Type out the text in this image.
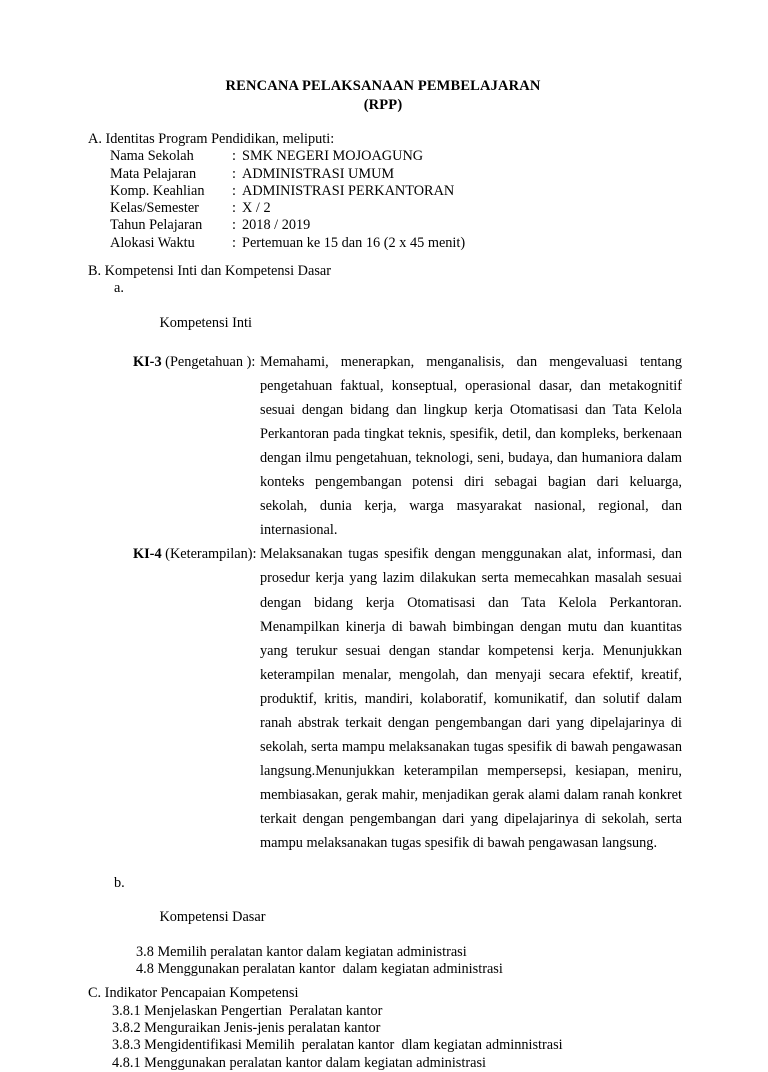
RENCANA PELAKSANAAN PEMBELAJARAN
(RPP)
A. Identitas Program Pendidikan, meliputi:
Nama Sekolah	:	SMK NEGERI MOJOAGUNG
Mata Pelajaran	:	ADMINISTRASI UMUM
Komp. Keahlian	:	ADMINISTRASI PERKANTORAN
Kelas/Semester	:	X / 2
Tahun Pelajaran	:	2018 / 2019
Alokasi Waktu	:	Pertemuan ke 15 dan 16 (2 x 45 menit)
B. Kompetensi Inti dan Kompetensi Dasar

a.

Kompetensi Inti

KI-3 (Pengetahuan ): Memahami, menerapkan, menganalisis, dan mengevaluasi tentang pengetahuan faktual, konseptual, operasional dasar, dan metakognitif sesuai dengan bidang dan lingkup kerja Otomatisasi dan Tata Kelola Perkantoran pada tingkat teknis, spesifik, detil, dan kompleks, berkenaan dengan ilmu pengetahuan, teknologi, seni, budaya, dan humaniora dalam konteks pengembangan potensi diri sebagai bagian dari keluarga, sekolah, dunia kerja, warga masyarakat nasional, regional, dan internasional.
KI-4 (Keterampilan): Melaksanakan tugas spesifik dengan menggunakan alat, informasi, dan prosedur kerja yang lazim dilakukan serta memecahkan masalah sesuai dengan bidang kerja Otomatisasi dan Tata Kelola Perkantoran. Menampilkan kinerja di bawah bimbingan dengan mutu dan kuantitas yang terukur sesuai dengan standar kompetensi kerja. Menunjukkan keterampilan menalar, mengolah, dan menyaji secara efektif, kreatif, produktif, kritis, mandiri, kolaboratif, komunikatif, dan solutif dalam ranah abstrak terkait dengan pengembangan dari yang dipelajarinya di sekolah, serta mampu melaksanakan tugas spesifik di bawah pengawasan langsung.Menunjukkan keterampilan mempersepsi, kesiapan, meniru, membiasakan, gerak mahir, menjadikan gerak alami dalam ranah konkret terkait dengan pengembangan dari yang dipelajarinya di sekolah, serta mampu melaksanakan tugas spesifik di bawah pengawasan langsung.

b.

Kompetensi Dasar

3.8 Memilih peralatan kantor dalam kegiatan administrasi
4.8 Menggunakan peralatan kantor  dalam kegiatan administrasi
C. Indikator Pencapaian Kompetensi
3.8.1 Menjelaskan Pengertian  Peralatan kantor
3.8.2 Menguraikan Jenis-jenis peralatan kantor
3.8.3 Mengidentifikasi Memilih  peralatan kantor  dlam kegiatan adminnistrasi
4.8.1 Menggunakan peralatan kantor dalam kegiatan administrasi
